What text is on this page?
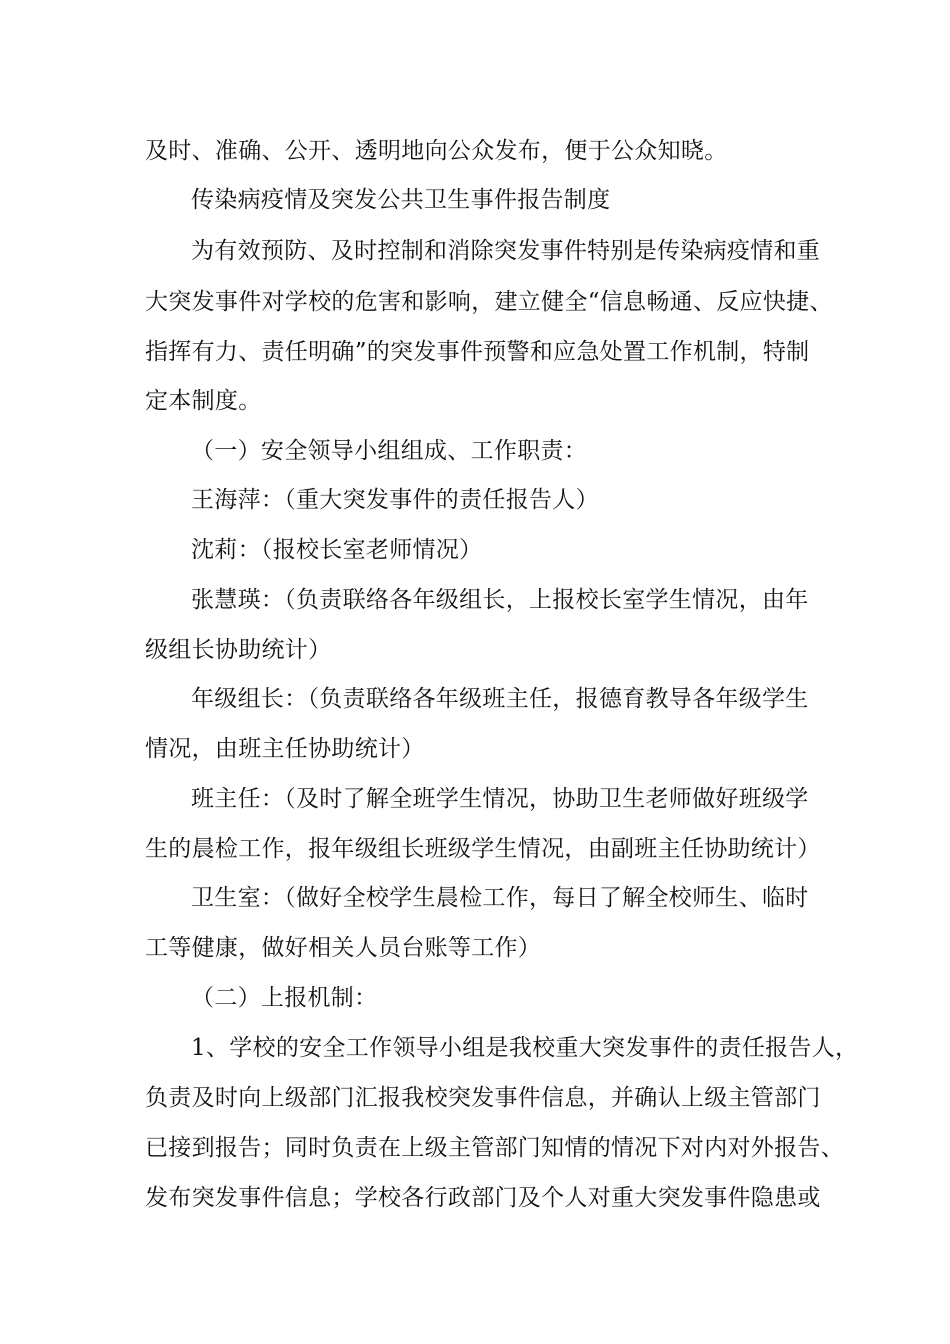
及时、准确、公开、透明地向公众发布，便于公众知晓。
传染病疫情及突发公共卫生事件报告制度
为有效预防、及时控制和消除突发事件特别是传染病疫情和重
大突发事件对学校的危害和影响，建立健全“信息畅通、反应快捷、
指挥有力、责任明确”的突发事件预警和应急处置工作机制，特制
定本制度。
（一）安全领导小组组成、工作职责：
王海萍：（重大突发事件的责任报告人）
沈莉：（报校长室老师情况）
张慧瑛：（负责联络各年级组长，上报校长室学生情况，由年
级组长协助统计）
年级组长：（负责联络各年级班主任，报德育教导各年级学生
情况，由班主任协助统计）
班主任：（及时了解全班学生情况，协助卫生老师做好班级学
生的晨检工作，报年级组长班级学生情况，由副班主任协助统计）
卫生室：（做好全校学生晨检工作，每日了解全校师生、临时
工等健康，做好相关人员台账等工作）
（二）上报机制：
1、学校的安全工作领导小组是我校重大突发事件的责任报告人，
负责及时向上级部门汇报我校突发事件信息，并确认上级主管部门
已接到报告；同时负责在上级主管部门知情的情况下对内对外报告、
发布突发事件信息；学校各行政部门及个人对重大突发事件隐患或
